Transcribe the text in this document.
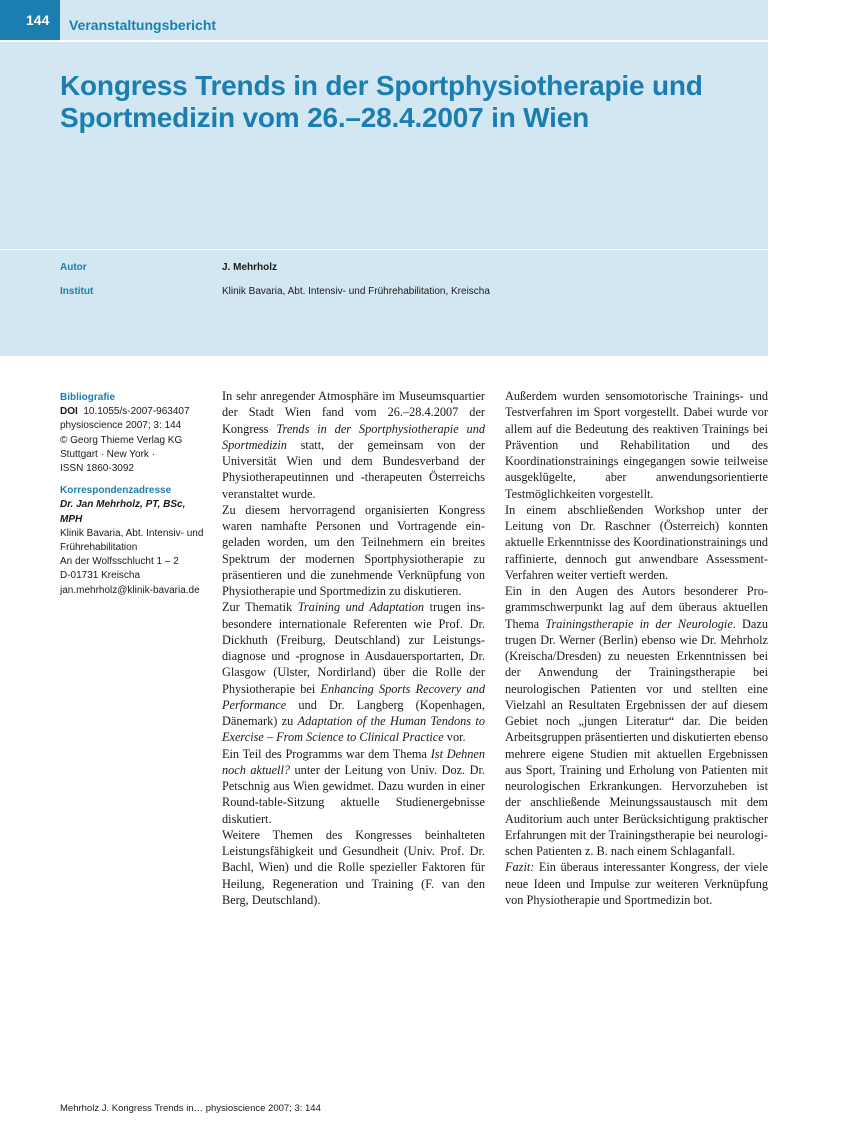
144	Veranstaltungsbericht
Kongress Trends in der Sportphysiotherapie und
Sportmedizin vom 26.–28.4.2007 in Wien
Autor	J. Mehrholz
Institut	Klinik Bavaria, Abt. Intensiv- und Frührehabilitation, Kreischa
Bibliografie
DOI 10.1055/s-2007-963407
physioscience 2007; 3: 144
© Georg Thieme Verlag KG
Stuttgart · New York ·
ISSN 1860-3092
Korrespondenzadresse
Dr. Jan Mehrholz, PT, BSc, MPH
Klinik Bavaria, Abt. Intensiv- und
Frührehabilitation
An der Wolfsschlucht 1 – 2
D-01731 Kreischa
jan.mehrholz@klinik-bavaria.de

In sehr anregender Atmosphäre im Museumsquartier der Stadt Wien fand vom 26.–28.4.2007 der Kongress Trends in der Sportphysiotherapie und Sportmedizin statt, der gemeinsam von der Universität Wien und dem Bundesverband der Physiotherapeutinnen und -therapeuten Österreichs veranstaltet wurde.

Zu diesem hervorragend organisierten Kongress waren namhafte Personen und Vortragende eingeladen worden, um den Teilnehmern ein breites Spektrum der modernen Sportphysiotherapie zu präsentieren und die zunehmende Verknüpfung von Physiotherapie und Sportmedizin zu diskutieren.

Zur Thematik Training und Adaptation trugen insbesondere internationale Referenten wie Prof. Dr. Dickhuth (Freiburg, Deutschland) zur Leistungsdiagnose und -prognose in Ausdauersportarten, Dr. Glasgow (Ulster, Nordirland) über die Rolle der Physiotherapie bei Enhancing Sports Recovery and Performance und Dr. Langberg (Kopenhagen, Dänemark) zu Adaptation of the Human Tendons to Exercise – From Science to Clinical Practice vor.

Ein Teil des Programms war dem Thema Ist Dehnen noch aktuell? unter der Leitung von Univ. Doz. Dr. Petschnig aus Wien gewidmet. Dazu wurden in einer Round-table-Sitzung aktuelle Studienergebnisse diskutiert.

Weitere Themen des Kongresses beinhalteten Leistungsfähigkeit und Gesundheit (Univ. Prof. Dr. Bachl, Wien) und die Rolle spezieller Faktoren für Heilung, Regeneration und Training (F. van den Berg, Deutschland).

Außerdem wurden sensomotorische Trainings- und Testverfahren im Sport vorgestellt. Dabei wurde vor allem auf die Bedeutung des reaktiven Trainings bei Prävention und Rehabilitation und des Koordinationstrainings eingegangen sowie teilweise ausgeklügelte, aber anwendungsorientierte Testmöglichkeiten vorgestellt.

In einem abschließenden Workshop unter der Leitung von Dr. Raschner (Österreich) konnten aktuelle Erkenntnisse des Koordinationstrainings und raffinierte, dennoch gut anwendbare Assessment-Verfahren weiter vertieft werden.

Ein in den Augen des Autors besonderer Programmschwerpunkt lag auf dem überaus aktuellen Thema Trainingstherapie in der Neurologie. Dazu trugen Dr. Werner (Berlin) ebenso wie Dr. Mehrholz (Kreischa/Dresden) zu neuesten Erkenntnissen bei der Anwendung der Trainingstherapie bei neurologischen Patienten vor und stellten eine Vielzahl an Resultaten Ergebnissen der auf diesem Gebiet noch „jungen Literatur“ dar. Die beiden Arbeitsgruppen präsentierten und diskutierten ebenso mehrere eigene Studien mit aktuellen Ergebnissen aus Sport, Training und Erholung von Patienten mit neurologischen Erkrankungen. Hervorzuheben ist der anschließende Meinungssaustausch mit dem Auditorium auch unter Berücksichtigung praktischer Erfahrungen mit der Trainingstherapie bei neurologischen Patienten z. B. nach einem Schlaganfall.

Fazit: Ein überaus interessanter Kongress, der viele neue Ideen und Impulse zur weiteren Verknüpfung von Physiotherapie und Sportmedizin bot.

Mehrholz J. Kongress Trends in… physioscience 2007; 3: 144
